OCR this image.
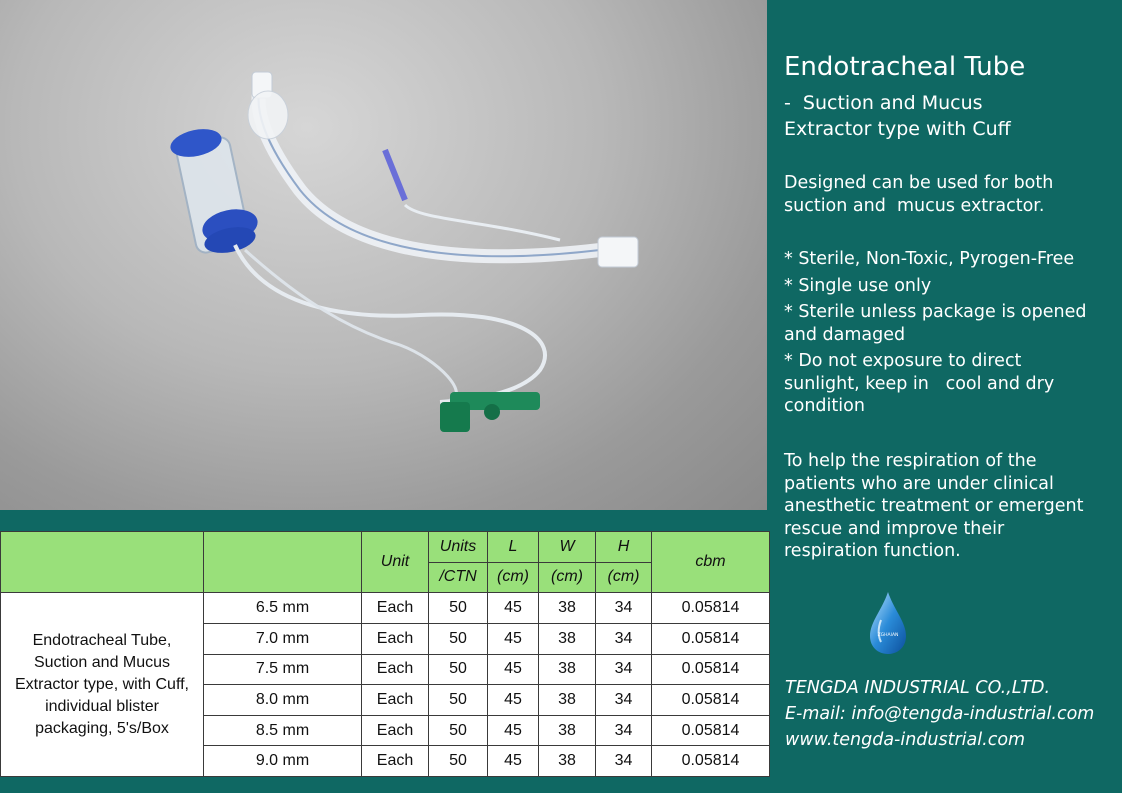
		Unit	Units	L	W	H	cbm
			/CTN	(cm)	(cm)	(cm)	
Endotracheal Tube,
Suction and Mucus
Extractor type, with Cuff,
individual blister
packaging, 5's/Box	6.5 mm	Each	50	45	38	34	0.05814
	7.0 mm	Each	50	45	38	34	0.05814
	7.5 mm	Each	50	45	38	34	0.05814
	8.0 mm	Each	50	45	38	34	0.05814
	8.5 mm	Each	50	45	38	34	0.05814
	9.0 mm	Each	50	45	38	34	0.05814
Endotracheal Tube
-  Suction and Mucus
Extractor type with Cuff
Designed can be used for both
suction and  mucus extractor.
* Sterile, Non-Toxic, Pyrogen-Free
* Single use only
* Sterile unless package is opened
and damaged
* Do not exposure to direct
sunlight, keep in   cool and dry
condition
To help the respiration of the
patients who are under clinical
anesthetic treatment or emergent
rescue and improve their
respiration function.
ZGHAIAN
TENGDA INDUSTRIAL CO.,LTD.
E-mail: info@tengda-industrial.com
www.tengda-industrial.com
